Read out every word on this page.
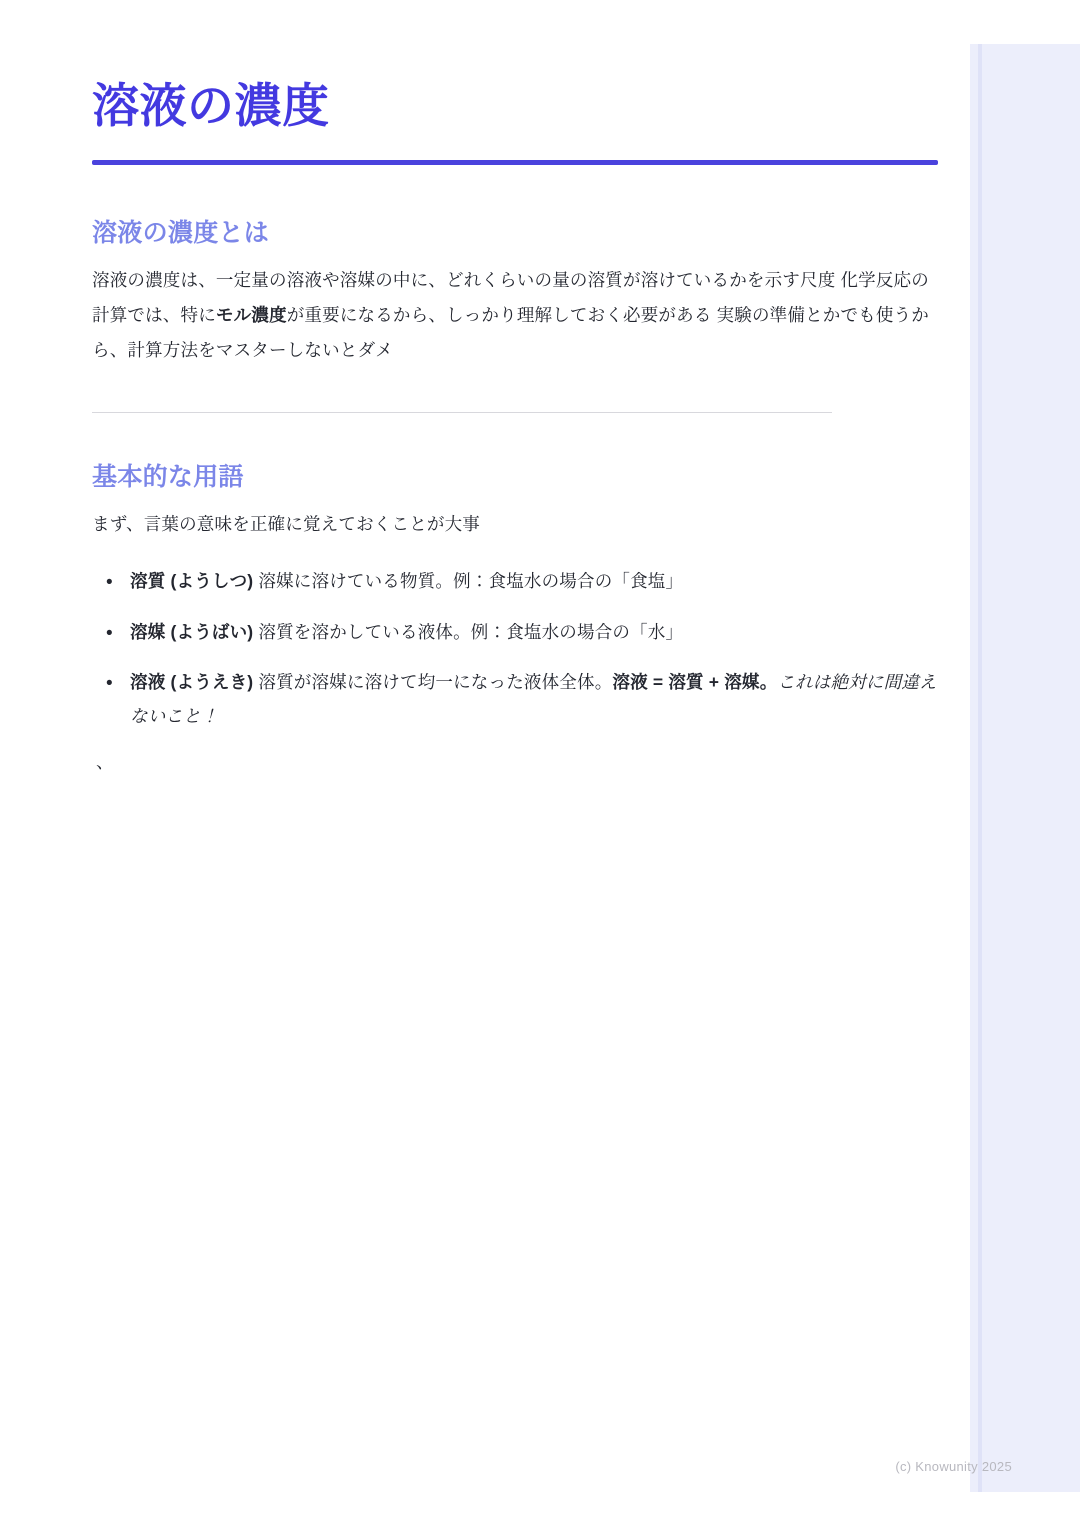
溶液の濃度
溶液の濃度とは

溶液の濃度は、一定量の溶液や溶媒の中に、どれくらいの量の溶質が溶けているかを示す尺度 化学反応の計算では、特にモル濃度が重要になるから、しっかり理解しておく必要がある 実験の準備とかでも使うから、計算方法をマスターしないとダメ

基本的な用語

まず、言葉の意味を正確に覚えておくことが大事

• 溶質 (ようしつ) 溶媒に溶けている物質。例：食塩水の場合の「食塩」
• 溶媒 (ようばい) 溶質を溶かしている液体。例：食塩水の場合の「水」
• 溶液 (ようえき) 溶質が溶媒に溶けて均一になった液体全体。溶液 = 溶質 + 溶媒。これは絶対に間違えないこと！
、
(c) Knowunity 2025
